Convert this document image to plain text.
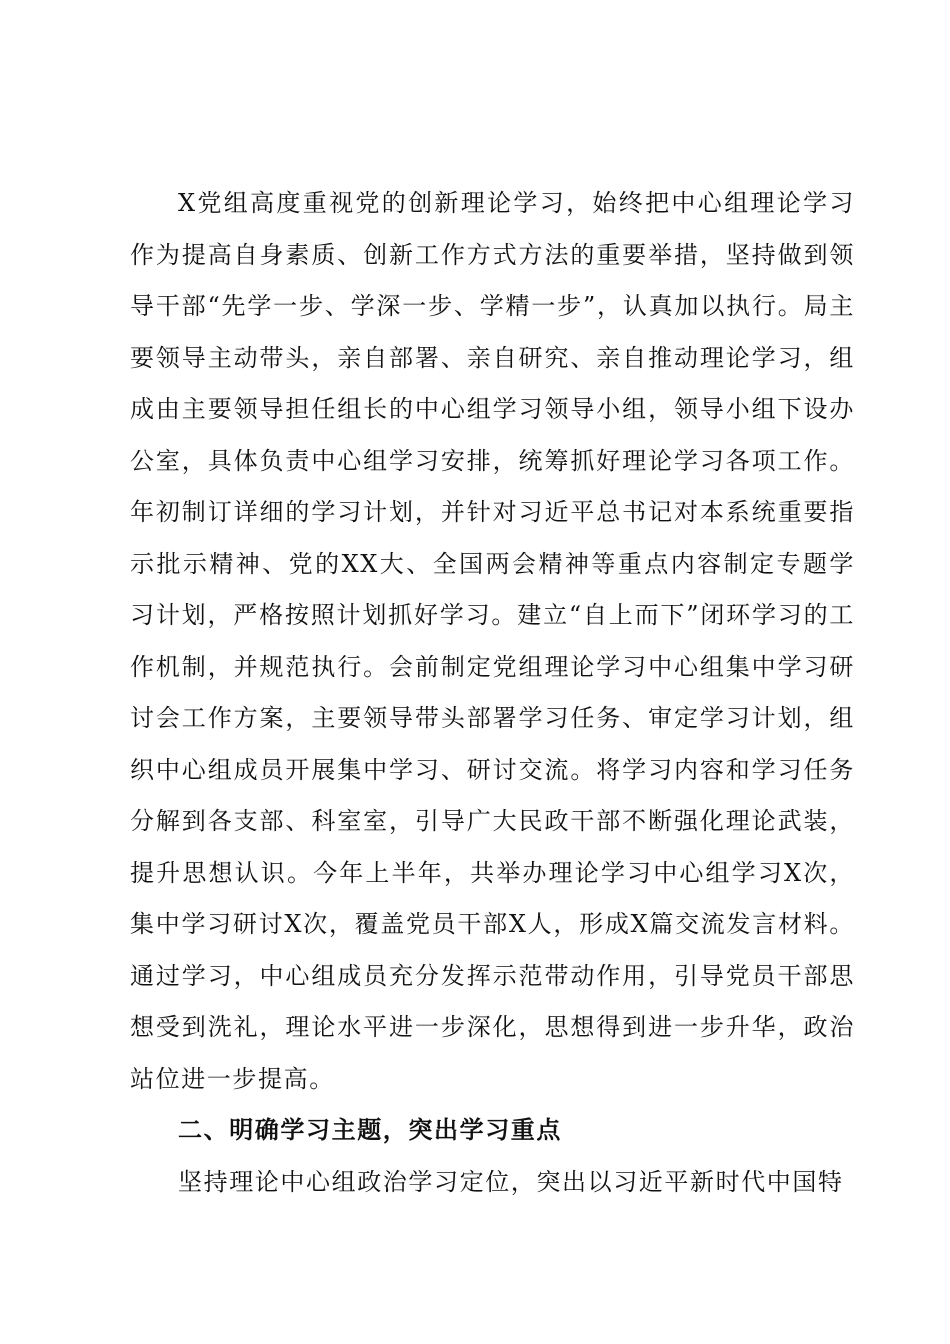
X党组高度重视党的创新理论学习，始终把中心组理论学习作为提高自身素质、创新工作方式方法的重要举措，坚持做到领导干部“先学一步、学深一步、学精一步”，认真加以执行。局主要领导主动带头，亲自部署、亲自研究、亲自推动理论学习，组成由主要领导担任组长的中心组学习领导小组，领导小组下设办公室，具体负责中心组学习安排，统筹抓好理论学习各项工作。年初制订详细的学习计划，并针对习近平总书记对本系统重要指示批示精神、党的XX大、全国两会精神等重点内容制定专题学习计划，严格按照计划抓好学习。建立“自上而下”闭环学习的工作机制，并规范执行。会前制定党组理论学习中心组集中学习研讨会工作方案，主要领导带头部署学习任务、审定学习计划，组织中心组成员开展集中学习、研讨交流。将学习内容和学习任务分解到各支部、科室室，引导广大民政干部不断强化理论武装，提升思想认识。今年上半年，共举办理论学习中心组学习X次，集中学习研讨X次，覆盖党员干部X人，形成X篇交流发言材料。通过学习，中心组成员充分发挥示范带动作用，引导党员干部思想受到洗礼，理论水平进一步深化，思想得到进一步升华，政治站位进一步提高。

二、明确学习主题，突出学习重点

坚持理论中心组政治学习定位，突出以习近平新时代中国特
